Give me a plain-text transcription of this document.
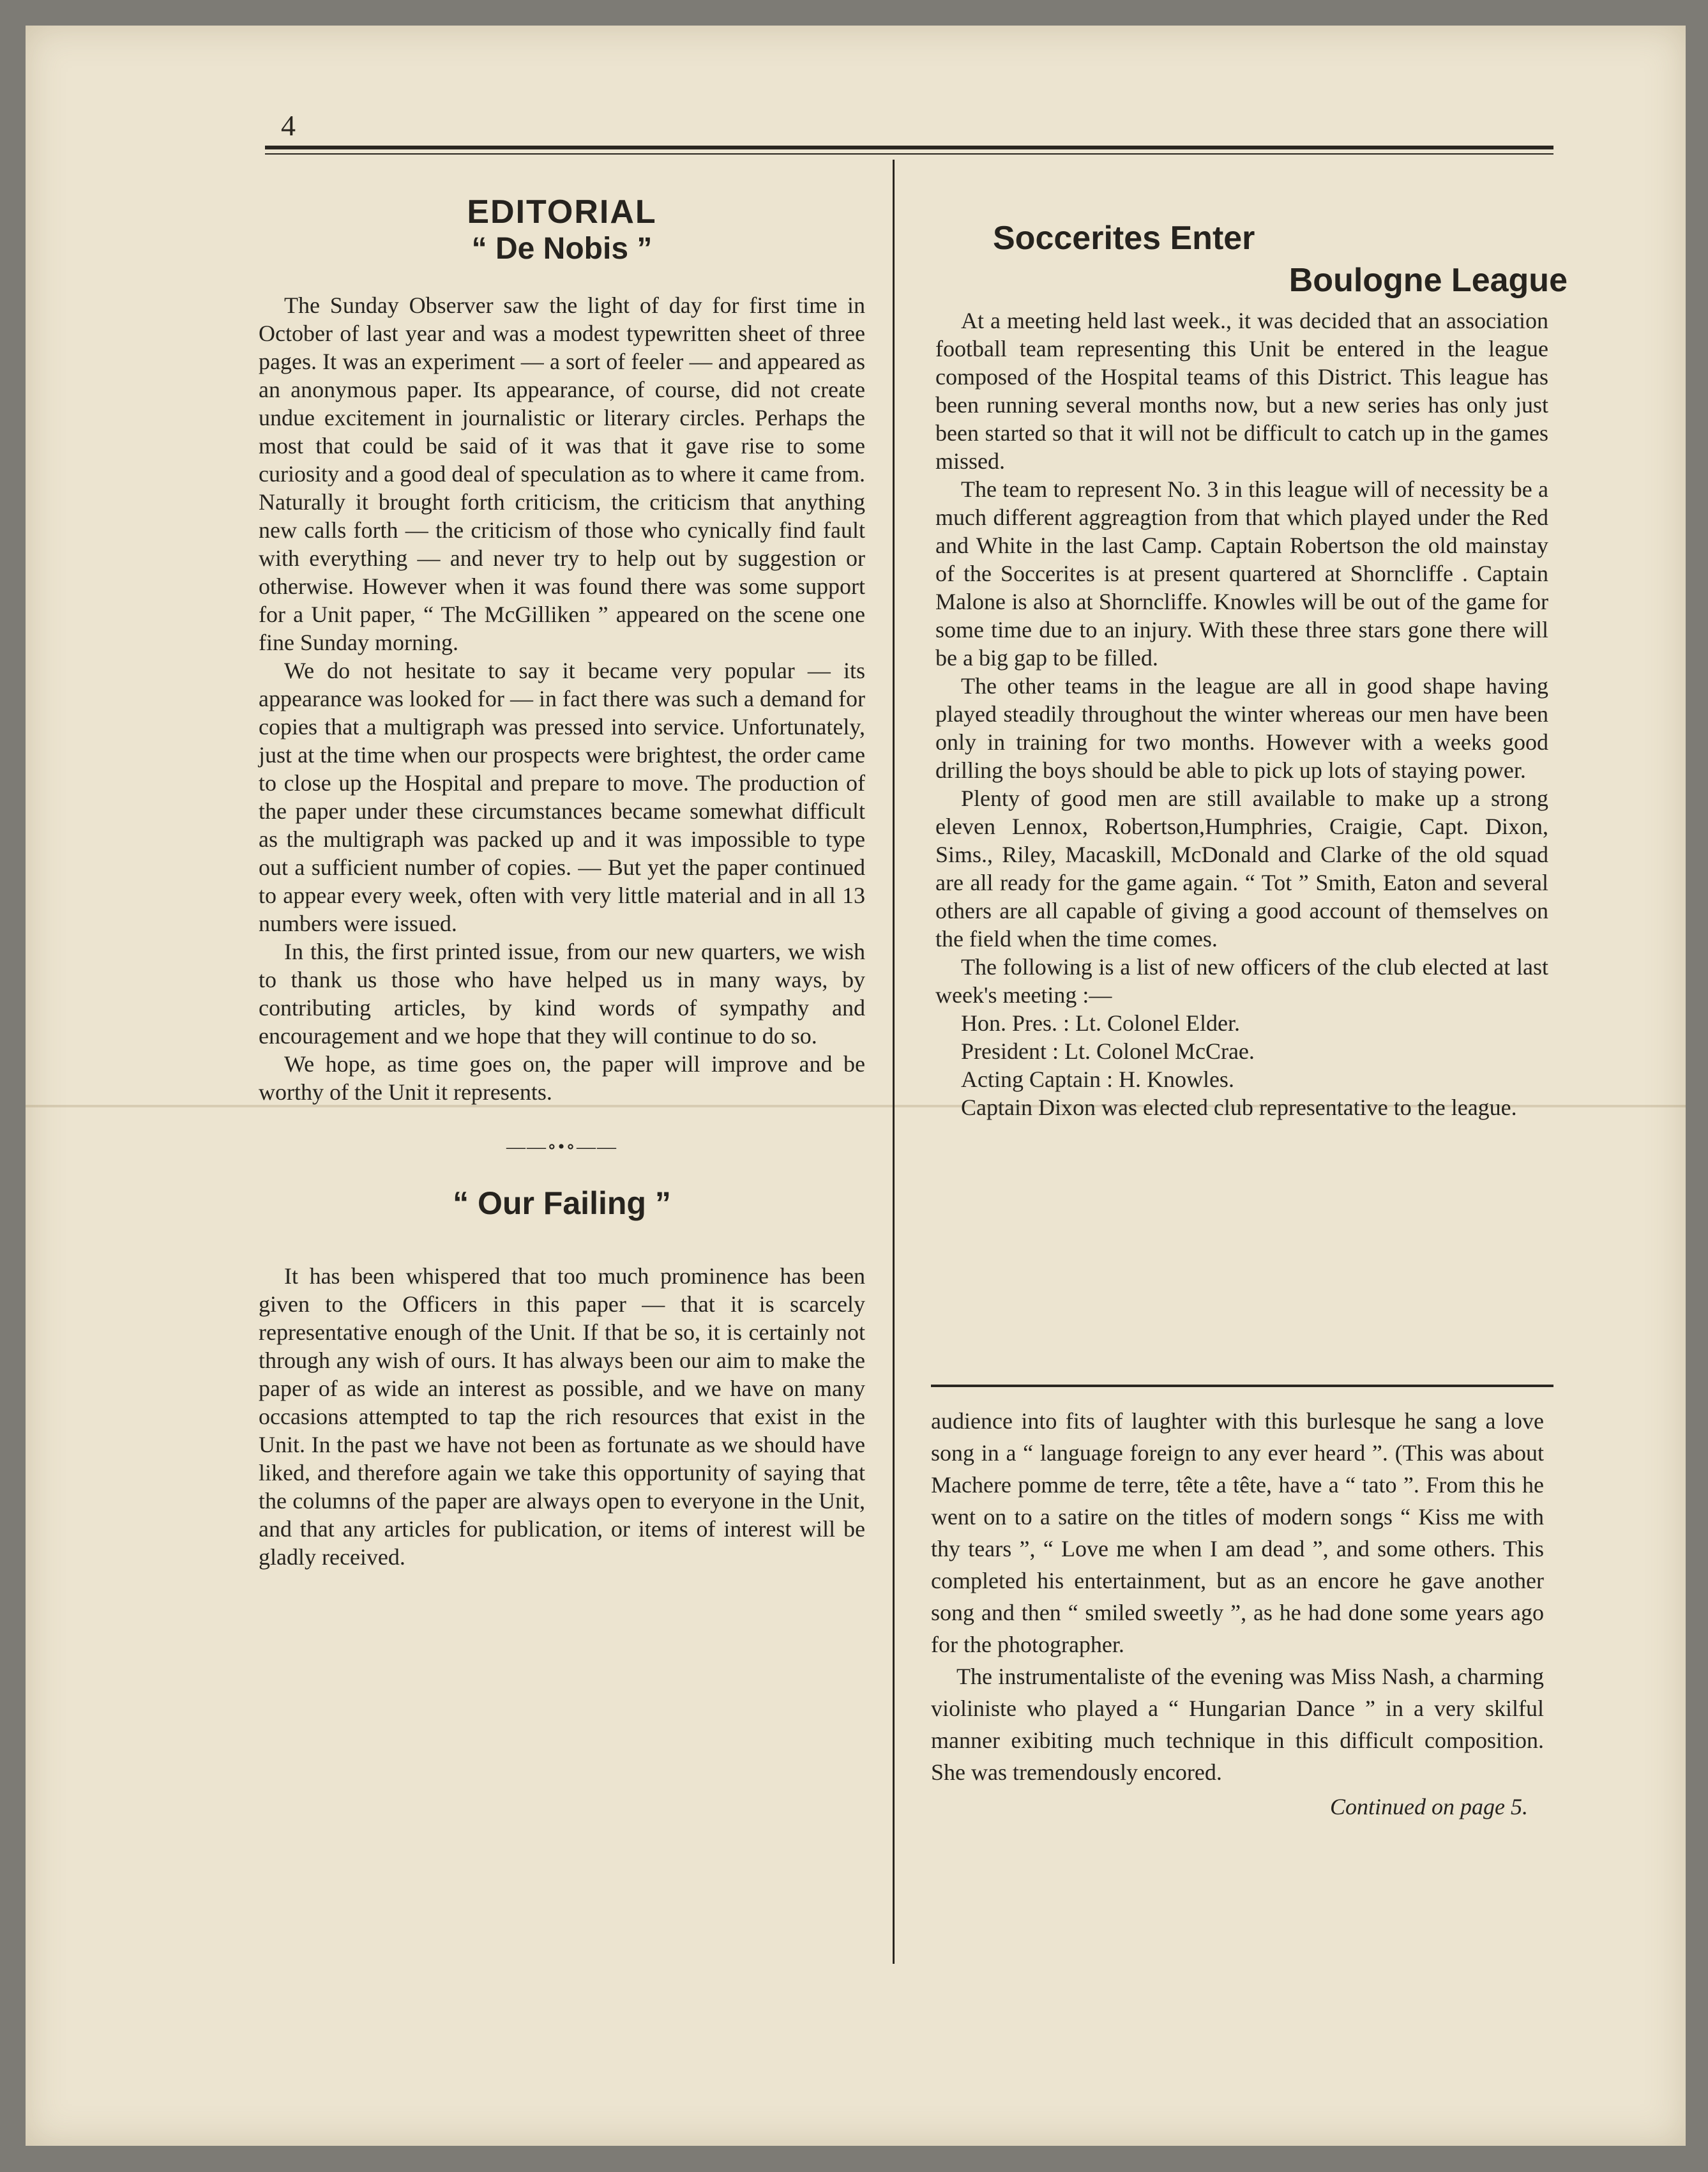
4
EDITORIAL
“ De Nobis ”

The Sunday Observer saw the light of day for first time in October of last year and was a modest typewritten sheet of three pages. It was an experiment — a sort of feeler — and appeared as an anonymous paper. Its appearance, of course, did not create undue excitement in journalistic or literary circles. Perhaps the most that could be said of it was that it gave rise to some curiosity and a good deal of speculation as to where it came from. Naturally it brought forth criticism, the criticism that anything new calls forth — the criticism of those who cynically find fault with everything — and never try to help out by suggestion or otherwise. However when it was found there was some support for a Unit paper, “ The McGilliken ” appeared on the scene one fine Sunday morning.

We do not hesitate to say it became very popular — its appearance was looked for — in fact there was such a demand for copies that a multigraph was pressed into service. Unfortunately, just at the time when our prospects were brightest, the order came to close up the Hospital and prepare to move. The production of the paper under these circumstances became somewhat difficult as the multigraph was packed up and it was impossible to type out a sufficient number of copies. — But yet the paper continued to appear every week, often with very little material and in all 13 numbers were issued.

In this, the first printed issue, from our new quarters, we wish to thank us those who have helped us in many ways, by contributing articles, by kind words of sympathy and encouragement and we hope that they will continue to do so.

We hope, as time goes on, the paper will improve and be worthy of the Unit it represents.

——∘•∘——
“ Our Failing ”

It has been whispered that too much prominence has been given to the Officers in this paper — that it is scarcely representative enough of the Unit. If that be so, it is certainly not through any wish of ours. It has always been our aim to make the paper of as wide an interest as possible, and we have on many occasions attempted to tap the rich resources that exist in the Unit. In the past we have not been as fortunate as we should have liked, and therefore again we take this opportunity of saying that the columns of the paper are always open to everyone in the Unit, and that any articles for publication, or items of interest will be gladly received.

Soccerites Enter
Boulogne League

At a meeting held last week., it was decided that an association football team representing this Unit be entered in the league composed of the Hospital teams of this District. This league has been running several months now, but a new series has only just been started so that it will not be difficult to catch up in the games missed.

The team to represent No. 3 in this league will of necessity be a much different aggreagtion from that which played under the Red and White in the last Camp. Captain Robertson the old mainstay of the Soccerites is at present quartered at Shorncliffe . Captain Malone is also at Shorncliffe. Knowles will be out of the game for some time due to an injury. With these three stars gone there will be a big gap to be filled.

The other teams in the league are all in good shape having played steadily throughout the winter whereas our men have been only in training for two months. However with a weeks good drilling the boys should be able to pick up lots of staying power.

Plenty of good men are still available to make up a strong eleven Lennox, Robertson,Humphries, Craigie, Capt. Dixon, Sims., Riley, Macaskill, McDonald and Clarke of the old squad are all ready for the game again. “ Tot ” Smith, Eaton and several others are all capable of giving a good account of themselves on the field when the time comes.

The following is a list of new officers of the club elected at last week's meeting :—

Hon. Pres. : Lt. Colonel Elder.

President : Lt. Colonel McCrae.

Acting Captain : H. Knowles.

Captain Dixon was elected club representative to the league.

audience into fits of laughter with this burlesque he sang a love song in a “ language foreign to any ever heard ”. (This was about Machere pomme de terre, tête a tête, have a “ tato ”. From this he went on to a satire on the titles of modern songs “ Kiss me with thy tears ”, “ Love me when I am dead ”, and some others. This completed his entertainment, but as an encore he gave another song and then “ smiled sweetly ”, as he had done some years ago for the photographer.

The instrumentaliste of the evening was Miss Nash, a charming violiniste who played a “ Hungarian Dance ” in a very skilful manner exibiting much technique in this difficult composition. She was tremendously encored.

Continued on page 5.
